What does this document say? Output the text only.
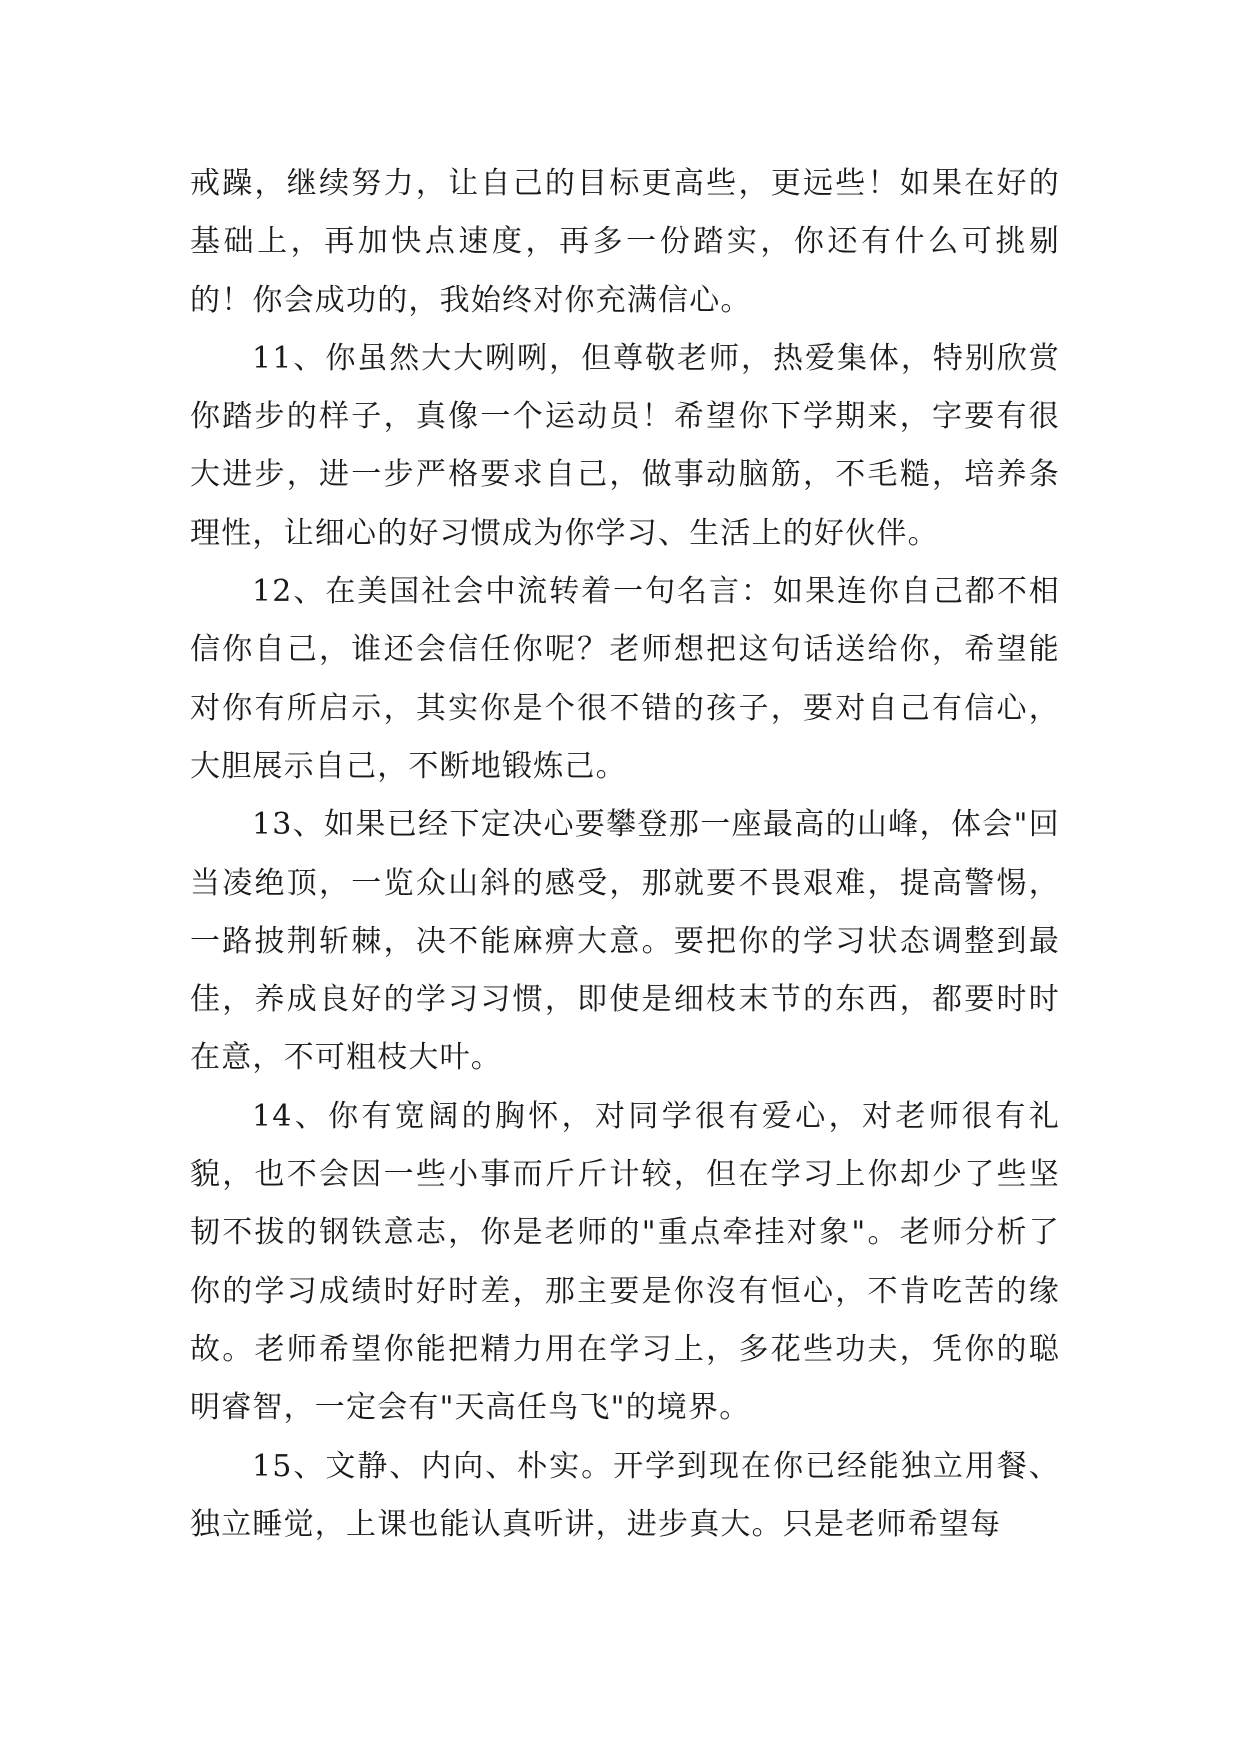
戒躁，继续努力，让自己的目标更高些，更远些！如果在好的基础上，再加快点速度，再多一份踏实，你还有什么可挑剔的！你会成功的，我始终对你充满信心。

11、你虽然大大咧咧，但尊敬老师，热爱集体，特别欣赏你踏步的样子，真像一个运动员！希望你下学期来，字要有很大进步，进一步严格要求自己，做事动脑筋，不毛糙，培养条理性，让细心的好习惯成为你学习、生活上的好伙伴。

12、在美国社会中流转着一句名言：如果连你自己都不相信你自己，谁还会信任你呢？老师想把这句话送给你，希望能对你有所启示，其实你是个很不错的孩子，要对自己有信心，大胆展示自己，不断地锻炼己。

13、如果已经下定决心要攀登那一座最高的山峰，体会"回当凌绝顶，一览众山斜的感受，那就要不畏艰难，提高警惕，一路披荆斩棘，决不能麻痹大意。要把你的学习状态调整到最佳，养成良好的学习习惯，即使是细枝末节的东西，都要时时在意，不可粗枝大叶。

14、你有宽阔的胸怀，对同学很有爱心，对老师很有礼貌，也不会因一些小事而斤斤计较，但在学习上你却少了些坚韧不拔的钢铁意志，你是老师的"重点牵挂对象"。老师分析了你的学习成绩时好时差，那主要是你沒有恒心，不肯吃苦的缘故。老师希望你能把精力用在学习上，多花些功夫，凭你的聪明睿智，一定会有"天高任鸟飞"的境界。

15、文静、内向、朴实。开学到现在你已经能独立用餐、独立睡觉，上课也能认真听讲，进步真大。只是老师希望每
